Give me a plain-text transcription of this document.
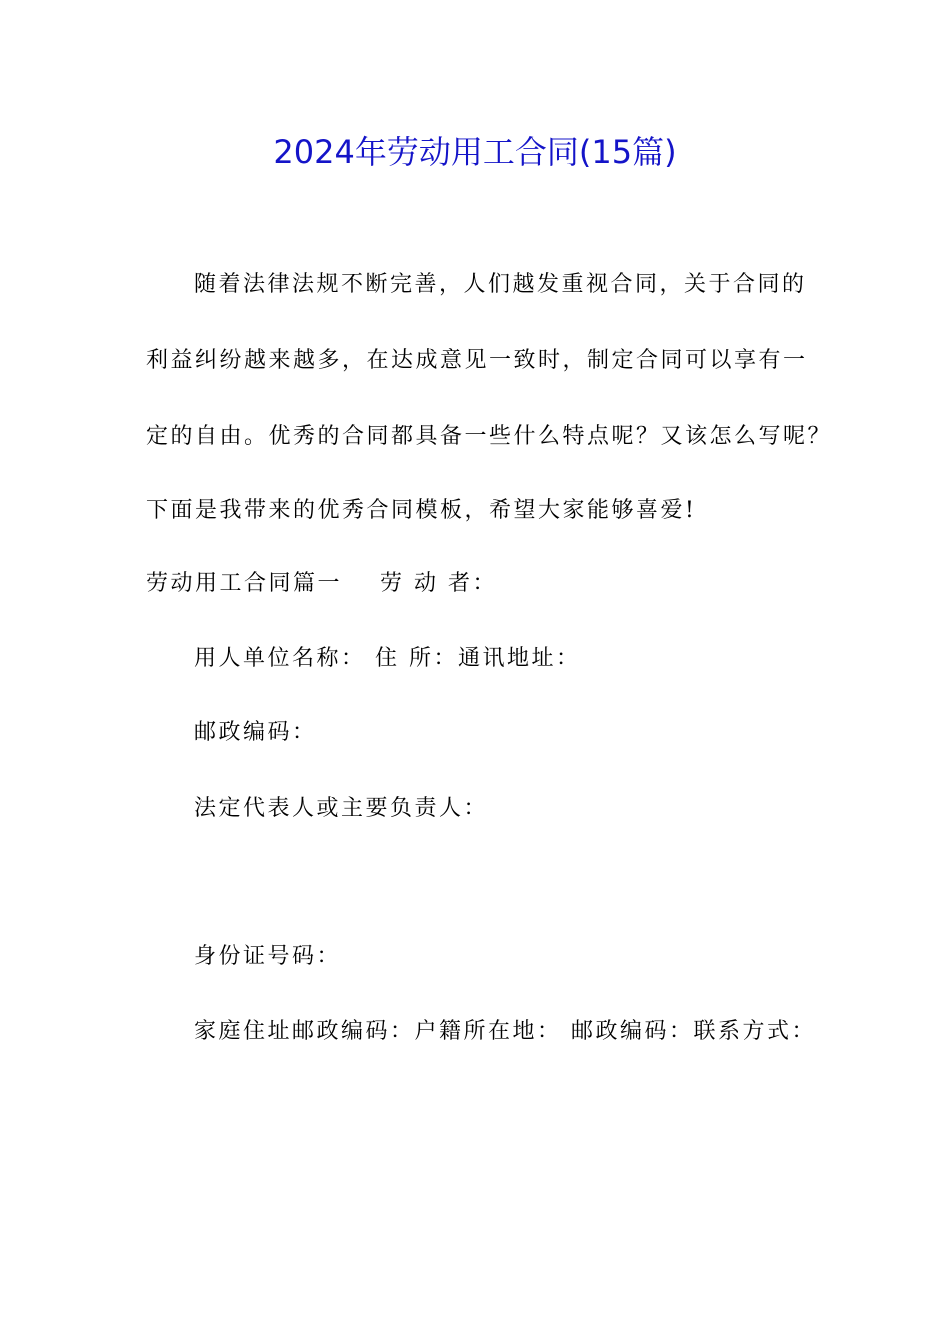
2024年劳动用工合同(15篇)
随着法律法规不断完善，人们越发重视合同，关于合同的
利益纠纷越来越多，在达成意见一致时，制定合同可以享有一
定的自由。优秀的合同都具备一些什么特点呢？又该怎么写呢？
下面是我带来的优秀合同模板，希望大家能够喜爱!
劳动用工合同篇一 劳 动 者：
用人单位名称： 住 所：通讯地址：
邮政编码：
法定代表人或主要负责人：
身份证号码：
家庭住址邮政编码：户籍所在地： 邮政编码：联系方式：
